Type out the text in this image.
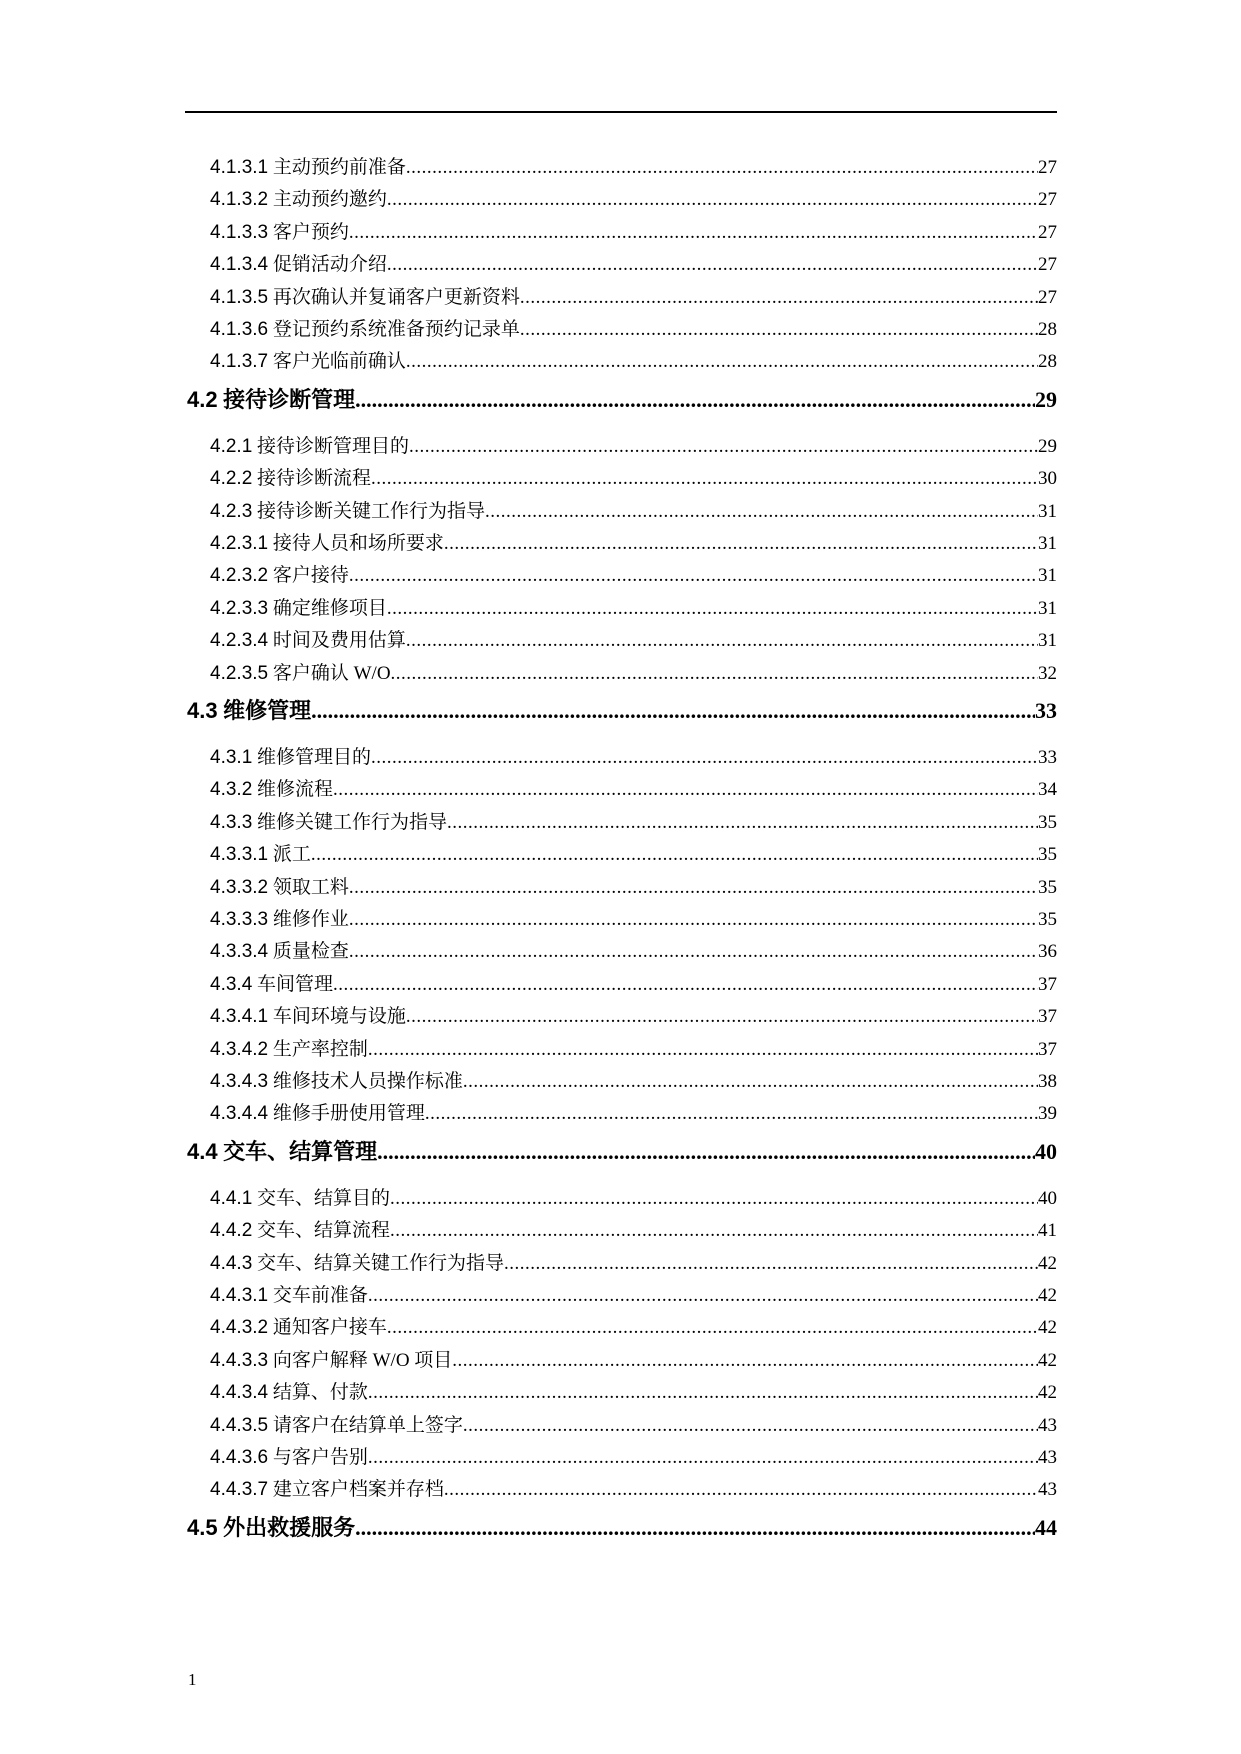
4.1.3.1 主动预约前准备 .....	27
4.1.3.2 主动预约邀约 .....	27
4.1.3.3 客户预约 .....	27
4.1.3.4 促销活动介绍 .....	27
4.1.3.5 再次确认并复诵客户更新资料 .....	27
4.1.3.6 登记预约系统准备预约记录单 .....	28
4.1.3.7 客户光临前确认 .....	28
4.2 接待诊断管理 .....	29
4.2.1 接待诊断管理目的 .....	29
4.2.2 接待诊断流程 .....	30
4.2.3 接待诊断关键工作行为指导 .....	31
4.2.3.1 接待人员和场所要求 .....	31
4.2.3.2 客户接待 .....	31
4.2.3.3 确定维修项目 .....	31
4.2.3.4 时间及费用估算 .....	31
4.2.3.5 客户确认 W/O .....	32
4.3 维修管理 .....	33
4.3.1 维修管理目的 .....	33
4.3.2 维修流程 .....	34
4.3.3 维修关键工作行为指导 .....	35
4.3.3.1 派工 .....	35
4.3.3.2 领取工料 .....	35
4.3.3.3 维修作业 .....	35
4.3.3.4 质量检查 .....	36
4.3.4 车间管理 .....	37
4.3.4.1 车间环境与设施 .....	37
4.3.4.2 生产率控制 .....	37
4.3.4.3 维修技术人员操作标准 .....	38
4.3.4.4 维修手册使用管理 .....	39
4.4 交车、结算管理 .....	40
4.4.1 交车、结算目的 .....	40
4.4.2 交车、结算流程 .....	41
4.4.3 交车、结算关键工作行为指导 .....	42
4.4.3.1 交车前准备 .....	42
4.4.3.2 通知客户接车 .....	42
4.4.3.3 向客户解释 W/O 项目 .....	42
4.4.3.4 结算、付款 .....	42
4.4.3.5 请客户在结算单上签字 .....	43
4.4.3.6 与客户告别 .....	43
4.4.3.7 建立客户档案并存档 .....	43
4.5 外出救援服务 .....	44
1
